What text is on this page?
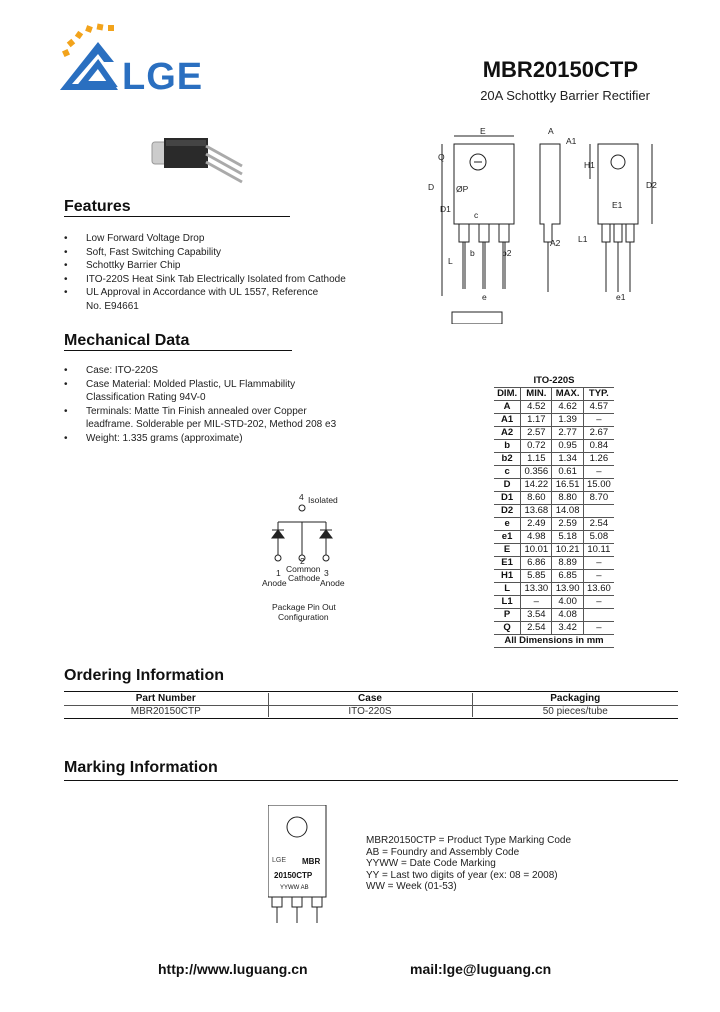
LGE	MBR20150CTP
20A Schottky Barrier Rectifier
E	A
A1
Q
D
D1
ØP
c
L
b	b2
A2
e
H1
D2
E1
L1
e1
Features
• Low Forward Voltage Drop
• Soft, Fast Switching Capability
• Schottky Barrier Chip
• ITO-220S Heat Sink Tab Electrically Isolated from Cathode
• UL Approval in Accordance with UL 1557, Reference No. E94661
Mechanical Data
• Case: ITO-220S
• Case Material: Molded Plastic, UL Flammability Classification Rating 94V-0
• Terminals: Matte Tin Finish annealed over Copper leadframe. Solderable per MIL-STD-202, Method 208 e3
• Weight: 1.335 grams (approximate)
4 Isolated
1
Anode
2
Common
Cathode 3
Anode
Package Pin Out
Configuration
ITO-220S			
DIM.	MIN.	MAX.	TYP.
A	4.52	4.62	4.57
A1	1.17	1.39	–
A2	2.57	2.77	2.67
b	0.72	0.95	0.84
b2	1.15	1.34	1.26
c	0.356	0.61	–
D	14.22	16.51	15.00
D1	8.60	8.80	8.70
D2	13.68	14.08	
e	2.49	2.59	2.54
e1	4.98	5.18	5.08
E	10.01	10.21	10.11
E1	6.86	8.89	–
H1	5.85	6.85	–
L	13.30	13.90	13.60
L1	–	4.00	–
P	3.54	4.08	
Q	2.54	3.42	–
All Dimensions in mm			
Ordering Information
Part Number	Case	Packaging
MBR20150CTP	ITO-220S	50 pieces/tube
Marking Information
LGE MBR
20150CTP
YYWW AB
MBR20150CTP = Product Type Marking Code
AB = Foundry and Assembly Code
YYWW = Date Code Marking
YY = Last two digits of year (ex: 08 = 2008)
WW = Week (01-53)
http://www.luguang.cn	mail:lge@luguang.cn
